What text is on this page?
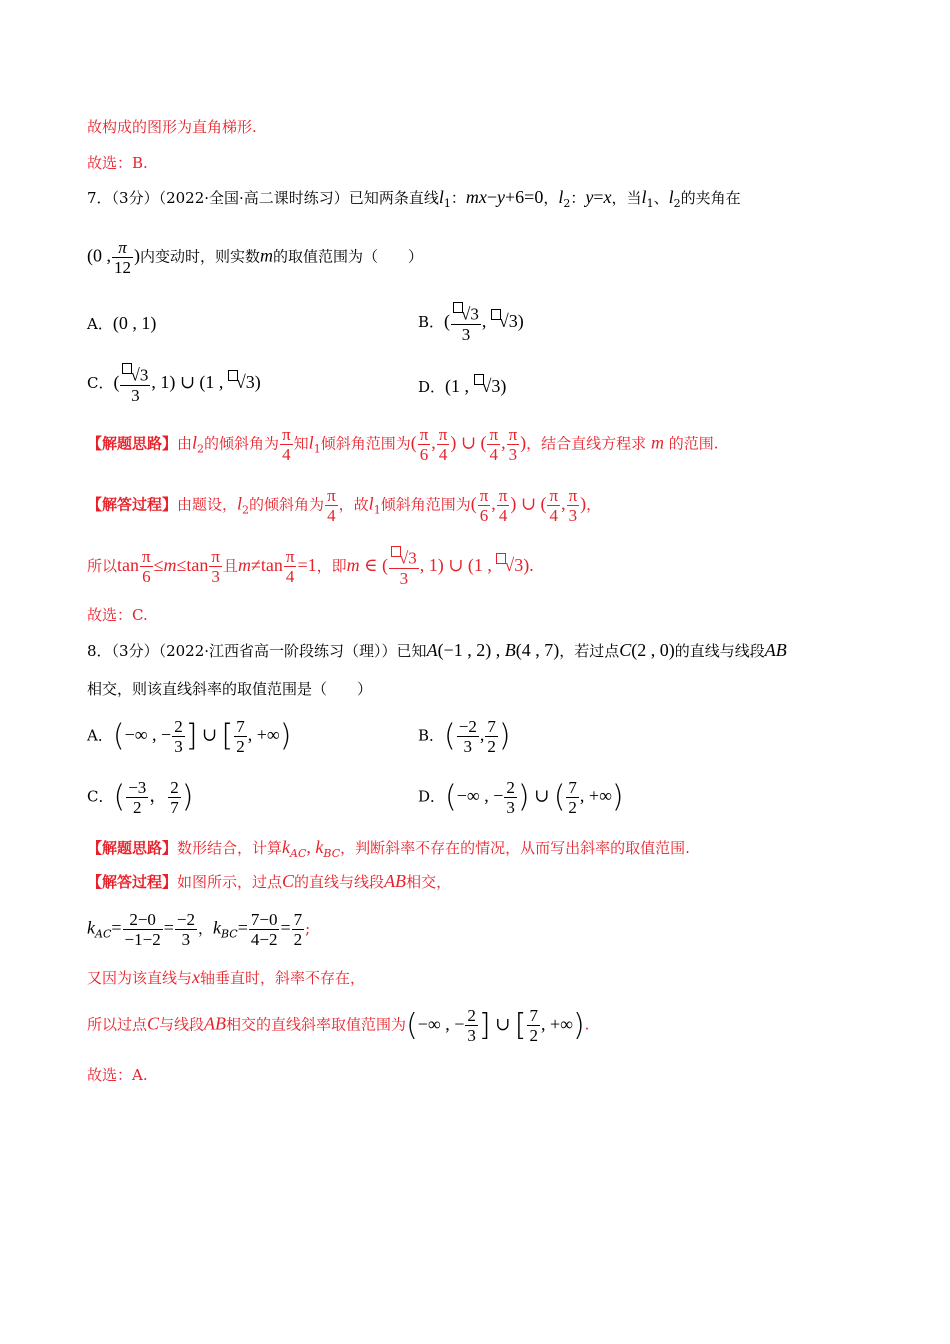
故构成的图形为直角梯形.
故选：B.
7．（3分）（2022·全国·高二课时练习）已知两条直线$l_1$：mx−y+6=0，$l_2$：y=x，当$l_1$、$l_2$的夹角在
(0 , $\frac{\pi}{12}$ )内变动时，则实数m的取值范围为（　　）
A．(0 , 1)	B．( $\frac{√3}{3}$ , √3)
C．( $\frac{√3}{3}$ , 1) ∪ (1 , √3)	D．(1 , √3)
【解题思路】由$l_2$的倾斜角为 $\frac{\pi}{4}$ 知$l_1$倾斜角范围为( $\frac{\pi}{6}$ , $\frac{\pi}{4}$ ) ∪ ( $\frac{\pi}{4}$ , $\frac{\pi}{3}$ )，结合直线方程求 m 的范围.
【解答过程】由题设，$l_2$的倾斜角为 $\frac{\pi}{4}$ ，故$l_1$倾斜角范围为( $\frac{\pi}{6}$ , $\frac{\pi}{4}$ ) ∪ ( $\frac{\pi}{4}$ , $\frac{\pi}{3}$ )，
所以$\tan \frac{\pi}{6} \le m\le\tan \frac{\pi}{3}$ 且$m\ne\tan \frac{\pi}{4} =1$，即m ∈ ( $\frac{√3}{3}$ , 1) ∪ (1 , √3).
故选：C.
8．（3分）（2022·江西省高一阶段练习（理））已知A(−1 , 2) , B(4 , 7)，若过点C(2 , 0)的直线与线段AB
相交，则该直线斜率的取值范围是（　　）
A．(−∞ , − $\frac{2}{3}$ ] ∪ [ $\frac{7}{2}$ , +∞)	B．( $\frac{-2}{3}$ , $\frac{7}{2}$ )
C．( $\frac{-3}{2}$ ， $\frac{2}{7}$ )	D．(−∞ , − $\frac{2}{3}$ ) ∪ ( $\frac{7}{2}$ , +∞)
【解题思路】数形结合，计算$k_{AC}$, $k_{BC}$，判断斜率不存在的情况，从而写出斜率的取值范围.
【解答过程】如图所示，过点C的直线与线段AB相交，
$k_{AC}= \frac{2-0}{-1-2} = \frac{-2}{3}$ ，$k_{BC}= \frac{7-0}{4-2} = \frac{7}{2}$ ;
又因为该直线与x轴垂直时，斜率不存在，
所以过点C与线段AB相交的直线斜率取值范围为(−∞ , − $\frac{2}{3}$ ] ∪ [ $\frac{7}{2}$ , +∞).
故选：A.
